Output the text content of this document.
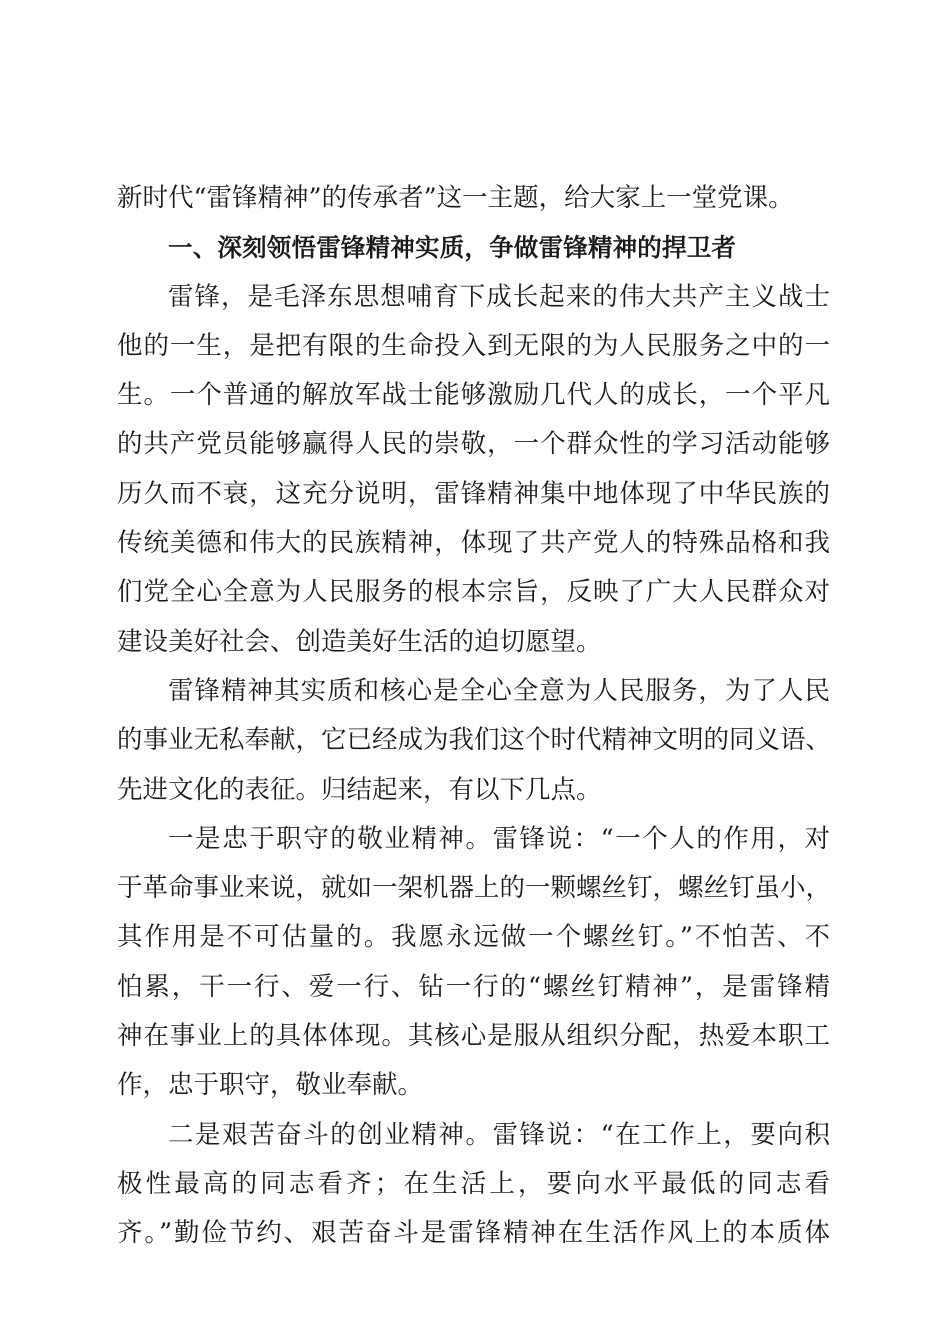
新时代“雷锋精神”的传承者”这一主题，给大家上一堂党课。
一、深刻领悟雷锋精神实质，争做雷锋精神的捍卫者
雷锋，是毛泽东思想哺育下成长起来的伟大共产主义战士
他的一生，是把有限的生命投入到无限的为人民服务之中的一
生。一个普通的解放军战士能够激励几代人的成长，一个平凡
的共产党员能够赢得人民的崇敬，一个群众性的学习活动能够
历久而不衰，这充分说明，雷锋精神集中地体现了中华民族的
传统美德和伟大的民族精神，体现了共产党人的特殊品格和我
们党全心全意为人民服务的根本宗旨，反映了广大人民群众对
建设美好社会、创造美好生活的迫切愿望。
雷锋精神其实质和核心是全心全意为人民服务，为了人民
的事业无私奉献，它已经成为我们这个时代精神文明的同义语、
先进文化的表征。归结起来，有以下几点。
一是忠于职守的敬业精神。雷锋说：“一个人的作用，对
于革命事业来说，就如一架机器上的一颗螺丝钉，螺丝钉虽小，
其作用是不可估量的。我愿永远做一个螺丝钉。”不怕苦、不
怕累，干一行、爱一行、钻一行的“螺丝钉精神”，是雷锋精
神在事业上的具体体现。其核心是服从组织分配，热爱本职工
作，忠于职守，敬业奉献。
二是艰苦奋斗的创业精神。雷锋说：“在工作上，要向积
极性最高的同志看齐；在生活上，要向水平最低的同志看
齐。”勤俭节约、艰苦奋斗是雷锋精神在生活作风上的本质体
